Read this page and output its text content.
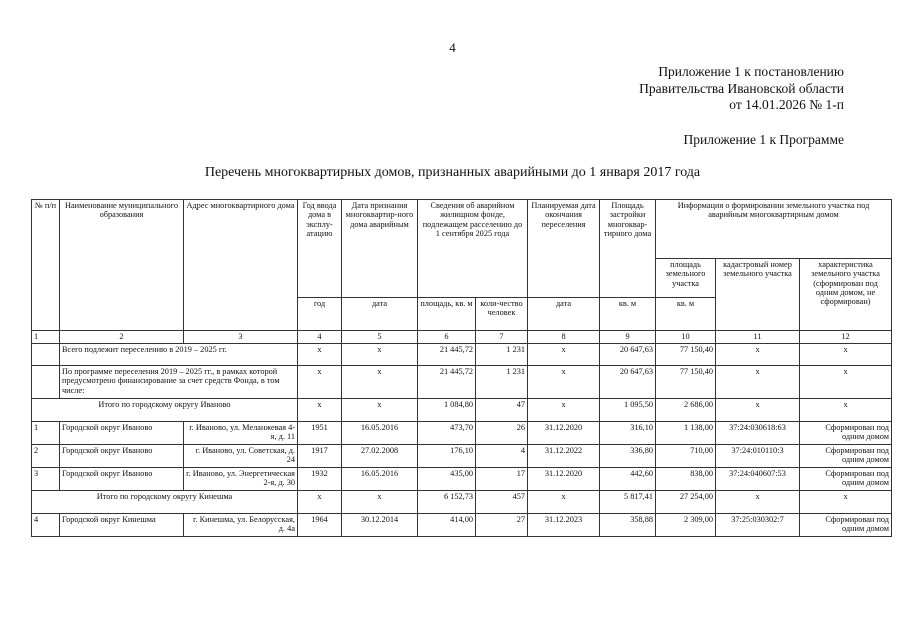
4
Приложение 1 к постановлению
Правительства Ивановской области
от 14.01.2026 № 1-п
Приложение 1 к Программе
Перечень многоквартирных домов, признанных аварийными до 1 января 2017 года
№ п/п	Наименование муниципального образования	Адрес многоквартирного дома	Год ввода дома в эксплу-атацию	Дата признания многоквартир-ного дома аварийным	Сведения об аварийном жилищном фонде, подлежащем расселению до 1 сентября 2025 года		Планируемая дата окончания переселения	Площадь застройки многоквар-тирного дома	Информация о формировании земельного участка под аварийным многоквартирным домом		
									площадь земельного участка	кадастровый номер земельного участка	характеристика земельного участка (сформирован под одним домом, не сформирован)
			год	дата	площадь, кв. м	коли-чество человек	дата	кв. м	кв. м		
1	2	3	4	5	6	7	8	9	10	11	12
	Всего подлежит переселению в 2019 – 2025 гг.		x	x	21 445,72	1 231	x	20 647,63	77 150,40	x	x
	По программе переселения 2019 – 2025 гг., в рамках которой предусмотрено финансирование за счет средств Фонда, в том числе:		x	x	21 445,72	1 231	x	20 647,63	77 150,40	x	x
Итого по городскому округу Иваново			x	x	1 084,80	47	x	1 095,50	2 686,00	x	x
1	Городской округ Иваново	г. Иваново, ул. Меланжевая 4-я, д. 11	1951	16.05.2016	473,70	26	31.12.2020	316,10	1 138,00	37:24:030618:63	Сформирован под одним домом
2	Городской округ Иваново	г. Иваново, ул. Советская, д. 24	1917	27.02.2008	176,10	4	31.12.2022	336,80	710,00	37:24:010110:3	Сформирован под одним домом
3	Городской округ Иваново	г. Иваново, ул. Энергетическая 2-я, д. 30	1932	16.05.2016	435,00	17	31.12.2020	442,60	838,00	37:24:040607:53	Сформирован под одним домом
Итого по городскому округу Кинешма			x	x	6 152,73	457	x	5 817,41	27 254,00	x	x
4	Городской округ Кинешма	г. Кинешма, ул. Белорусская, д. 4а	1964	30.12.2014	414,00	27	31.12.2023	358,88	2 309,00	37:25:030302:7	Сформирован под одним домом
